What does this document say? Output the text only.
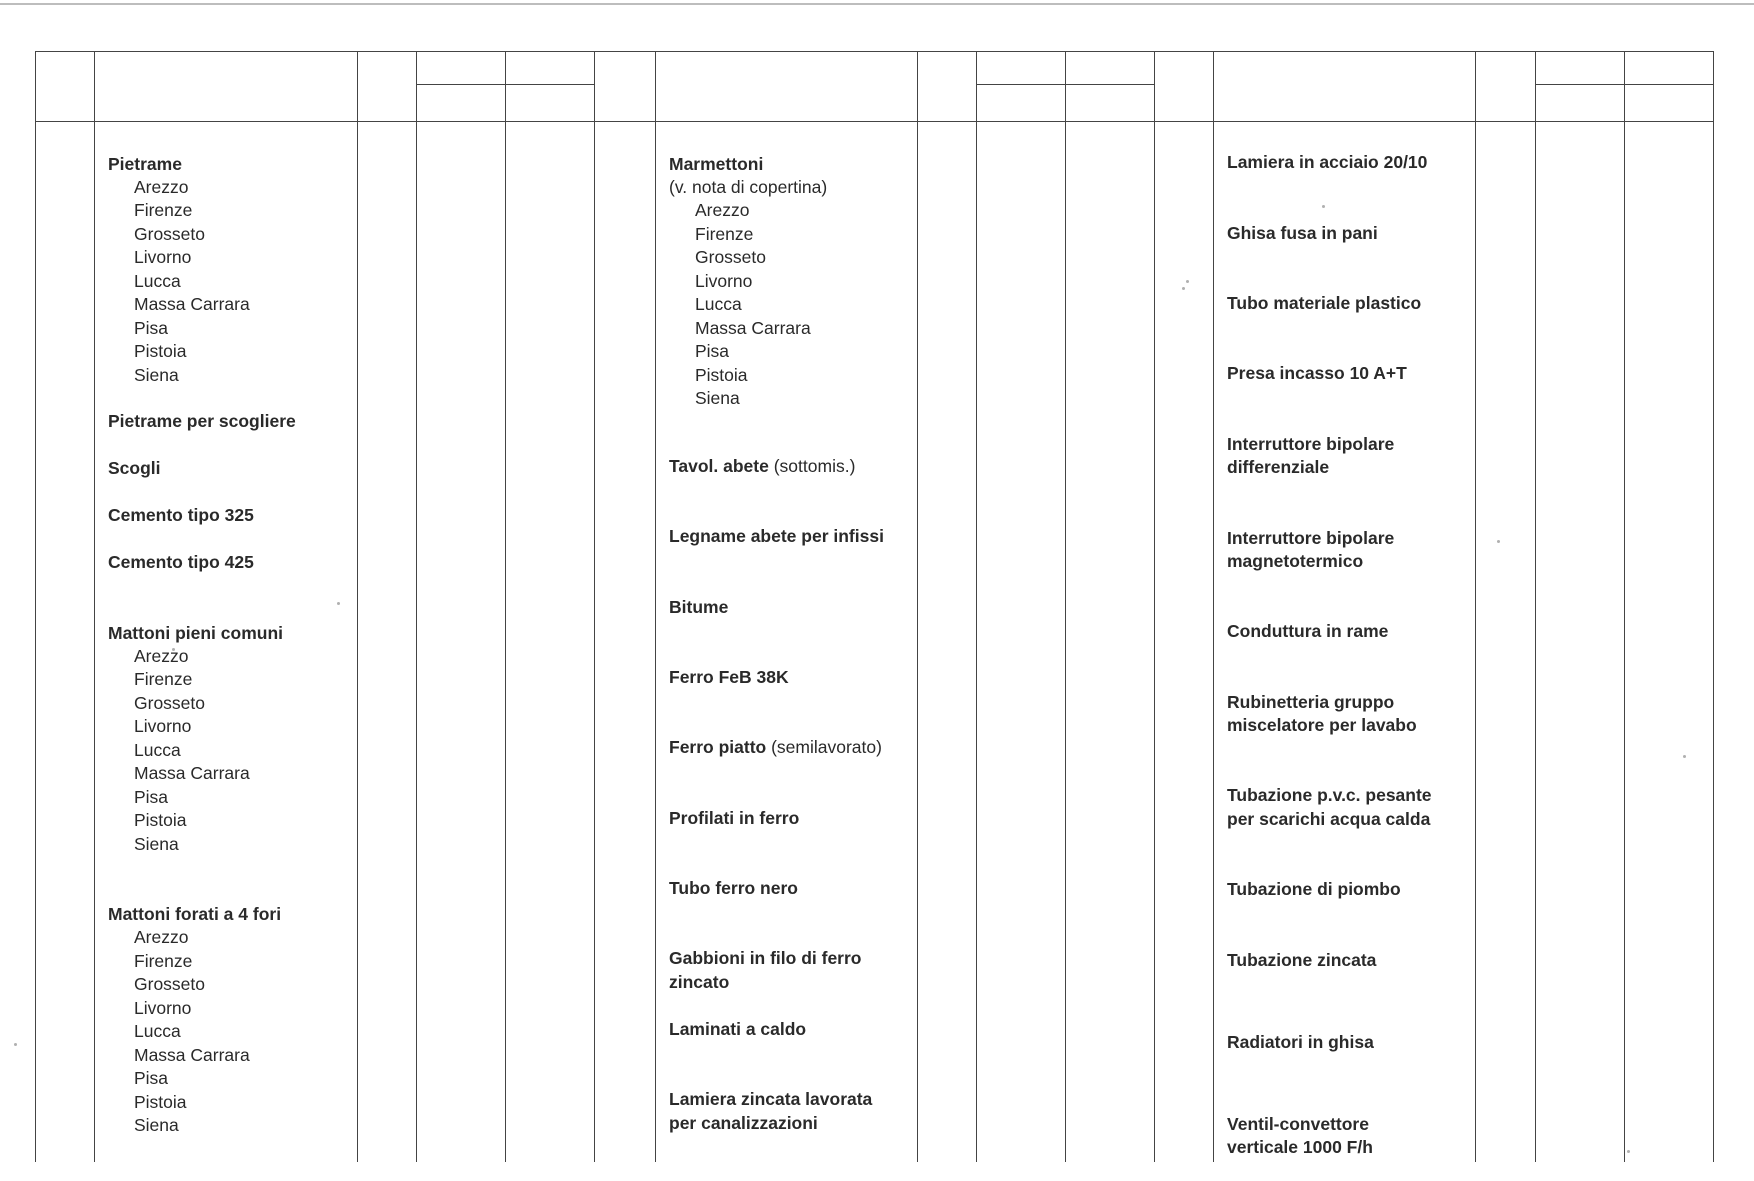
Pietrame
Arezzo
Firenze
Grosseto
Livorno
Lucca
Massa Carrara
Pisa
Pistoia
Siena
Pietrame per scogliere
Scogli
Cemento tipo 325
Cemento tipo 425
Mattoni pieni comuni
Arezzo
Firenze
Grosseto
Livorno
Lucca
Massa Carrara
Pisa
Pistoia
Siena
Mattoni forati a 4 fori
Arezzo
Firenze
Grosseto
Livorno
Lucca
Massa Carrara
Pisa
Pistoia
Siena
Marmettoni
(v. nota di copertina)
Arezzo
Firenze
Grosseto
Livorno
Lucca
Massa Carrara
Pisa
Pistoia
Siena
Tavol. abete (sottomis.)
Legname abete per infissi
Bitume
Ferro FeB 38K
Ferro piatto (semilavorato)
Profilati in ferro
Tubo ferro nero
Gabbioni in filo di ferro
zincato
Laminati a caldo
Lamiera zincata lavorata
per canalizzazioni
Lamiera in acciaio 20/10
Ghisa fusa in pani
Tubo materiale plastico
Presa incasso 10 A+T
Interruttore bipolare
differenziale
Interruttore bipolare
magnetotermico
Conduttura in rame
Rubinetteria gruppo
miscelatore per lavabo
Tubazione p.v.c. pesante
per scarichi acqua calda
Tubazione di piombo
Tubazione zincata
Radiatori in ghisa
Ventil-convettore
verticale 1000 F/h
